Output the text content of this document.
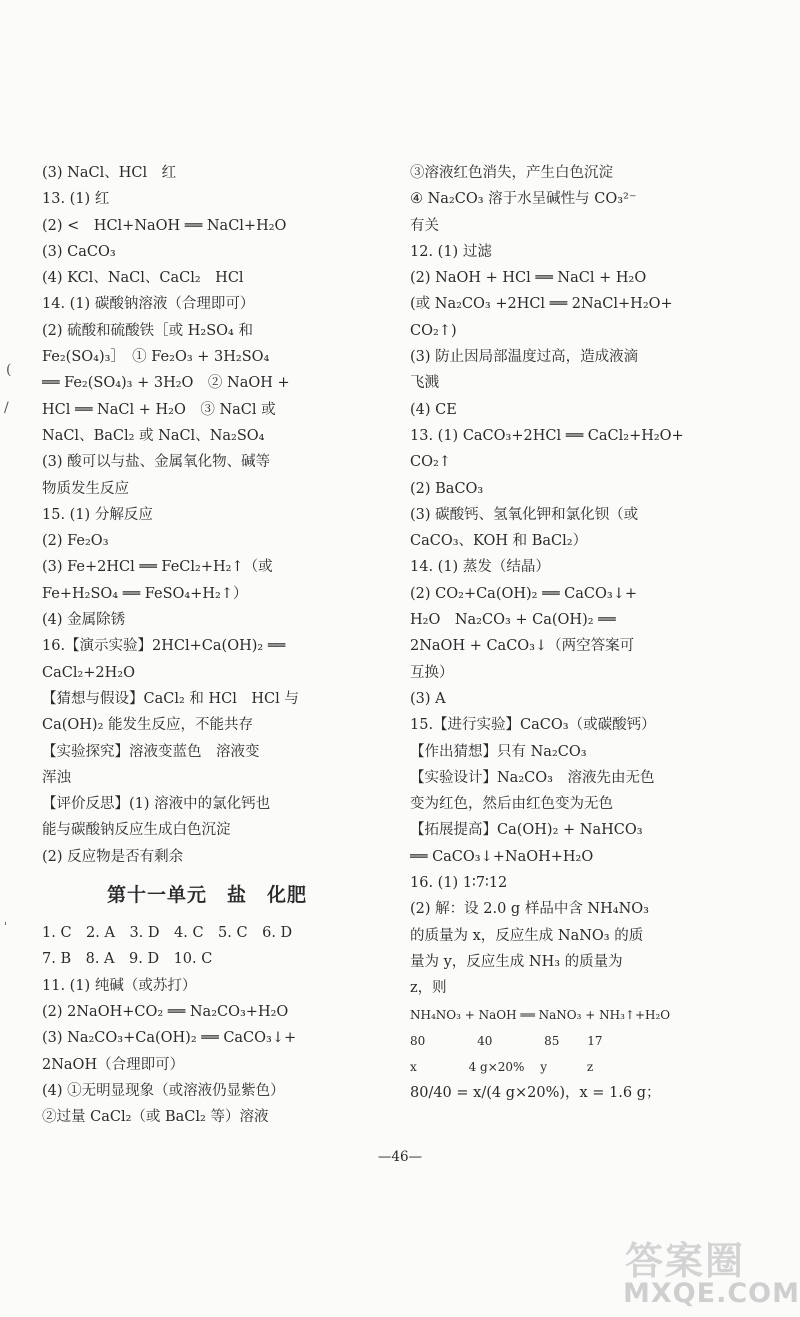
(3) NaCl、HCl　红
13. (1) 红
(2) <　HCl+NaOH ══ NaCl+H₂O
(3) CaCO₃
(4) KCl、NaCl、CaCl₂　HCl
14. (1) 碳酸钠溶液（合理即可）
(2) 硫酸和硫酸铁［或 H₂SO₄ 和
Fe₂(SO₄)₃］　① Fe₂O₃ + 3H₂SO₄
══ Fe₂(SO₄)₃ + 3H₂O　② NaOH +
HCl ══ NaCl + H₂O　③ NaCl 或
NaCl、BaCl₂ 或 NaCl、Na₂SO₄
(3) 酸可以与盐、金属氧化物、碱等
物质发生反应
15. (1) 分解反应
(2) Fe₂O₃
(3) Fe+2HCl ══ FeCl₂+H₂↑（或
Fe+H₂SO₄ ══ FeSO₄+H₂↑）
(4) 金属除锈
16.【演示实验】2HCl+Ca(OH)₂ ══
CaCl₂+2H₂O
【猜想与假设】CaCl₂ 和 HCl　HCl 与
Ca(OH)₂ 能发生反应，不能共存
【实验探究】溶液变蓝色　溶液变
浑浊
【评价反思】(1) 溶液中的氯化钙也
能与碳酸钠反应生成白色沉淀
(2) 反应物是否有剩余
第十一单元　盐　化肥
1. C　2. A　3. D　4. C　5. C　6. D
7. B　8. A　9. D　10. C
11. (1) 纯碱（或苏打）
(2) 2NaOH+CO₂ ══ Na₂CO₃+H₂O
(3) Na₂CO₃+Ca(OH)₂ ══ CaCO₃↓+
2NaOH（合理即可）
(4) ①无明显现象（或溶液仍显紫色）
②过量 CaCl₂（或 BaCl₂ 等）溶液
③溶液红色消失，产生白色沉淀
④ Na₂CO₃ 溶于水呈碱性与 CO₃²⁻
有关
12. (1) 过滤
(2) NaOH + HCl ══ NaCl + H₂O
(或 Na₂CO₃ +2HCl ══ 2NaCl+H₂O+
CO₂↑)
(3) 防止因局部温度过高，造成液滴
飞溅
(4) CE
13. (1) CaCO₃+2HCl ══ CaCl₂+H₂O+
CO₂↑
(2) BaCO₃
(3) 碳酸钙、氢氧化钾和氯化钡（或
CaCO₃、KOH 和 BaCl₂）
14. (1) 蒸发（结晶）
(2) CO₂+Ca(OH)₂ ══ CaCO₃↓+
H₂O　Na₂CO₃ + Ca(OH)₂ ══
2NaOH + CaCO₃↓（两空答案可
互换）
(3) A
15.【进行实验】CaCO₃（或碳酸钙）
【作出猜想】只有 Na₂CO₃
【实验设计】Na₂CO₃　溶液先由无色
变为红色，然后由红色变为无色
【拓展提高】Ca(OH)₂ + NaHCO₃
══ CaCO₃↓+NaOH+H₂O
16. (1) 1∶7∶12
(2) 解：设 2.0 g 样品中含 NH₄NO₃
的质量为 x，反应生成 NaNO₃ 的质
量为 y，反应生成 NH₃ 的质量为
z，则
NH₄NO₃ + NaOH ══ NaNO₃ + NH₃↑+H₂O
80　　　　 40　　　　 85　　 17
x　　　　 4 g×20%　 y　　　 z
80/40 = x/(4 g×20%)，x = 1.6 g；
—46—
(
/
'
答案圈
MXQE.COM
